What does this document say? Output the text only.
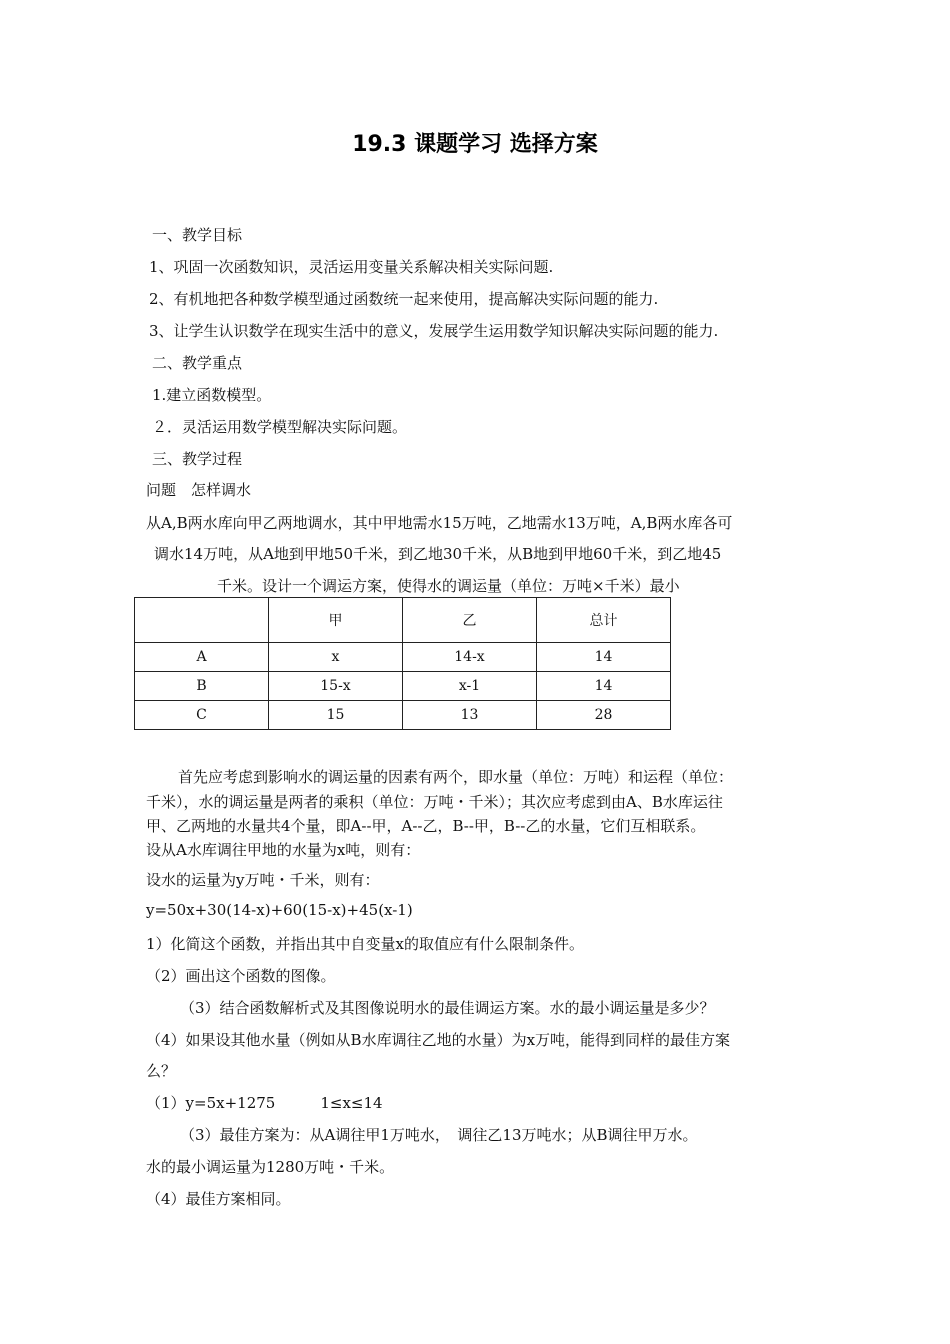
19.3 课题学习 选择方案
一、教学目标
1、巩固一次函数知识，灵活运用变量关系解决相关实际问题.
2、有机地把各种数学模型通过函数统一起来使用，提高解决实际问题的能力.
3、让学生认识数学在现实生活中的意义，发展学生运用数学知识解决实际问题的能力.
二、教学重点
1.建立函数模型。
２．灵活运用数学模型解决实际问题。
三、教学过程
问题　怎样调水
从A,B两水库向甲乙两地调水，其中甲地需水15万吨，乙地需水13万吨，A,B两水库各可
调水14万吨，从A地到甲地50千米，到乙地30千米，从B地到甲地60千米，到乙地45
千米。设计一个调运方案，使得水的调运量（单位：万吨×千米）最小
	甲	乙	总计
A	x	14-x	14
B	15-x	x-1	14
C	15	13	28
首先应考虑到影响水的调运量的因素有两个，即水量（单位：万吨）和运程（单位：
千米），水的调运量是两者的乘积（单位：万吨・千米）；其次应考虑到由A、B水库运往
甲、乙两地的水量共4个量，即A--甲，A--乙，B--甲，B--乙的水量，它们互相联系。
设从A水库调往甲地的水量为x吨，则有：
设水的运量为y万吨・千米，则有：
y=50x+30(14-x)+60(15-x)+45(x-1)
1）化简这个函数，并指出其中自变量x的取值应有什么限制条件。
（2）画出这个函数的图像。
（3）结合函数解析式及其图像说明水的最佳调运方案。水的最小调运量是多少？
（4）如果设其他水量（例如从B水库调往乙地的水量）为x万吨，能得到同样的最佳方案
么？
（1）y=5x+1275　　　1≤x≤14
（3）最佳方案为：从A调往甲1万吨水，　调往乙13万吨水；从B调往甲万水。
水的最小调运量为1280万吨・千米。
（4）最佳方案相同。
